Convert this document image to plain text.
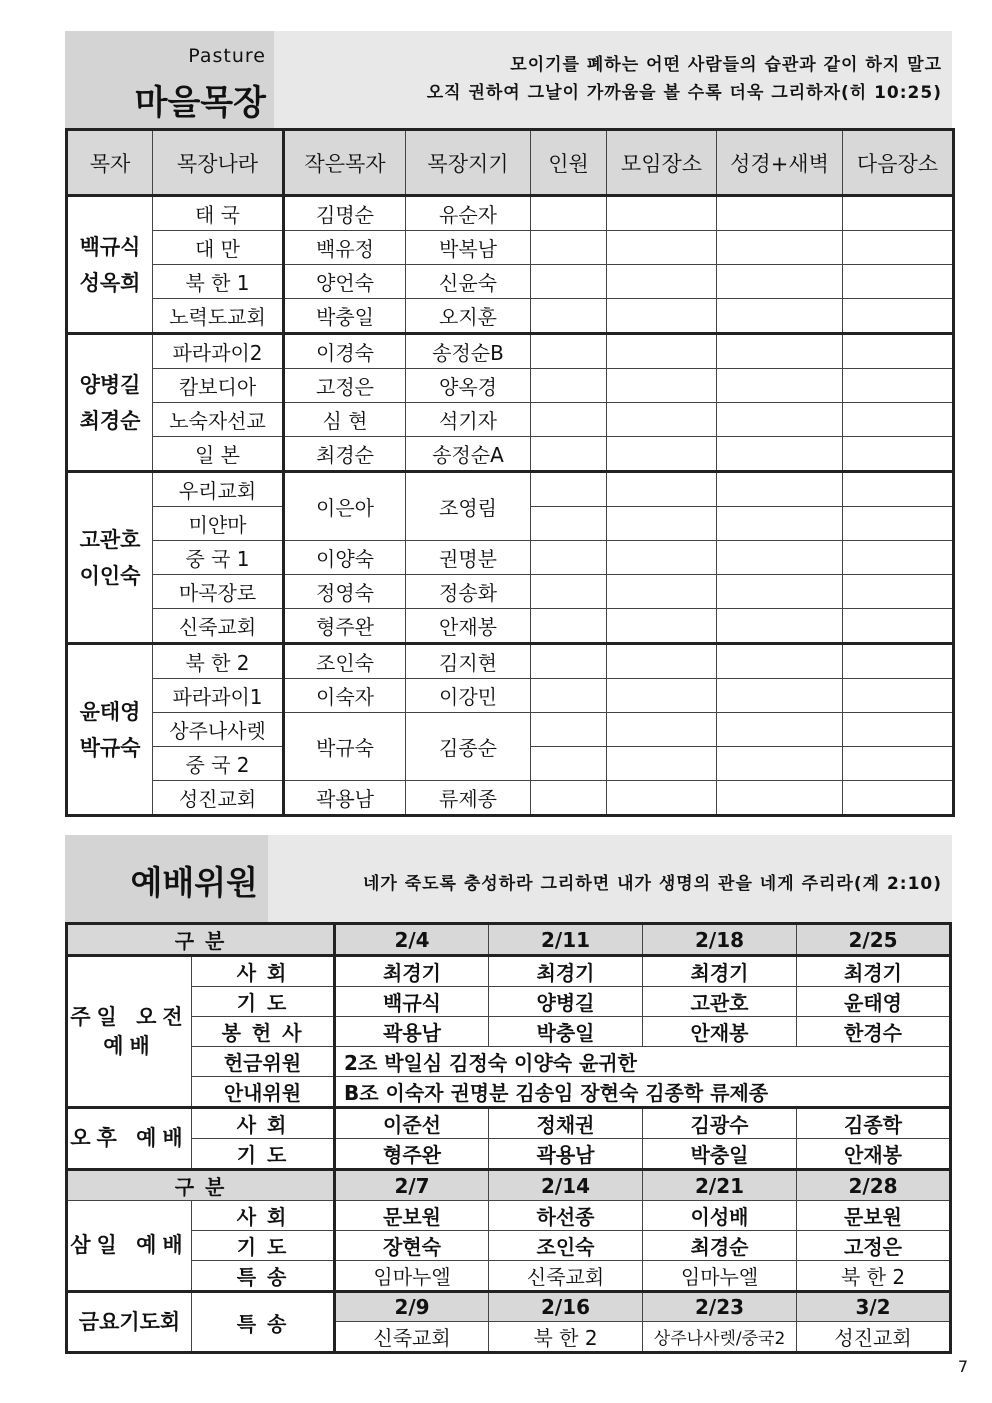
Pasture
마을목장
모이기를 폐하는 어떤 사람들의 습관과 같이 하지 말고
오직 권하여 그날이 가까움을 볼 수록 더욱 그리하자(히 10:25)
목자	목장나라	작은목자	목장지기	인원	모임장소	성경+새벽	다음장소
백규식
성옥희	태 국	김명순	유순자				
	대 만	백유정	박복남				
	북 한 1	양언숙	신윤숙				
	노력도교회	박충일	오지훈				
양병길
최경순	파라과이2	이경숙	송정순B				
	캄보디아	고정은	양옥경				
	노숙자선교	심 현	석기자				
	일 본	최경순	송정순A				
고관호
이인숙	우리교회	이은아	조영림				
	미얀마						
	중 국 1	이양숙	권명분				
	마곡장로	정영숙	정송화				
	신죽교회	형주완	안재봉				
윤태영
박규숙	북 한 2	조인숙	김지현				
	파라과이1	이숙자	이강민				
	상주나사렛	박규숙	김종순				
	중 국 2						
	성진교회	곽용남	류제종				
예배위원	네가 죽도록 충성하라 그리하면 내가 생명의 관을 네게 주리라(계 2:10)
구 분		2/4	2/11	2/18	2/25
주일 오전 예배	사 회	최경기	최경기	최경기	최경기
	기 도	백규식	양병길	고관호	윤태영
	봉 헌 사	곽용남	박충일	안재봉	한경수
	헌금위원	2조 박일심 김정숙 이양숙 윤귀한			
	안내위원	B조 이숙자 권명분 김송임 장현숙 김종학 류제종			
오후 예배	사 회	이준선	정채권	김광수	김종학
	기 도	형주완	곽용남	박충일	안재봉
구 분		2/7	2/14	2/21	2/28
삼일 예배	사 회	문보원	하선종	이성배	문보원
	기 도	장현숙	조인숙	최경순	고정은
	특 송	임마누엘	신죽교회	임마누엘	북 한 2
금요기도회	특 송	2/9	2/16	2/23	3/2
		신죽교회	북 한 2	상주나사렛/중국2	성진교회
7
